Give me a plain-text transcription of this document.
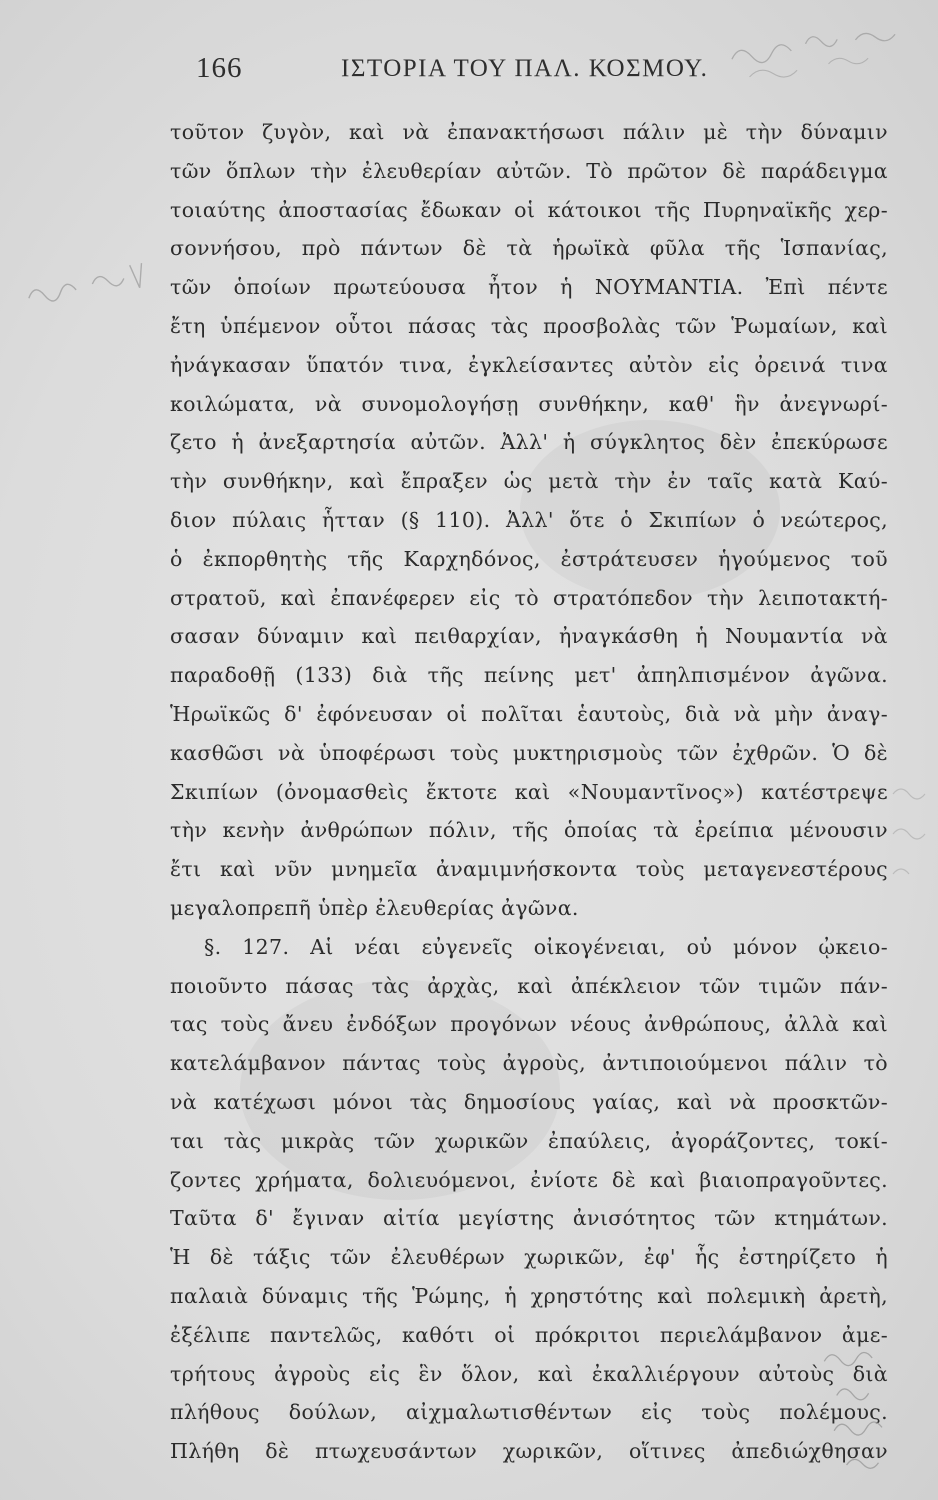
166	ΙΣΤΟΡΙΑ ΤΟΥ ΠΑΛ. ΚΟΣΜΟΥ.
τοῦτον ζυγὸν, καὶ νὰ ἐπανακτήσωσι πάλιν μὲ τὴν δύναμιν
τῶν ὅπλων τὴν ἐλευθερίαν αὐτῶν. Τὸ πρῶτον δὲ παράδειγμα
τοιαύτης ἀποστασίας ἔδωκαν οἱ κάτοικοι τῆς Πυρηναϊκῆς χερ-
σοννήσου, πρὸ πάντων δὲ τὰ ἡρωϊκὰ φῦλα τῆς Ἱσπανίας,
τῶν ὁποίων πρωτεύουσα ἦτον ἡ ΝΟΥΜΑΝΤΙΑ. Ἐπὶ πέντε
ἔτη ὑπέμενον οὗτοι πάσας τὰς προσβολὰς τῶν Ῥωμαίων, καὶ
ἠνάγκασαν ὕπατόν τινα, ἐγκλείσαντες αὐτὸν εἰς ὀρεινά τινα
κοιλώματα, νὰ συνομολογήσῃ συνθήκην, καθ' ἣν ἀνεγνωρί-
ζετο ἡ ἀνεξαρτησία αὐτῶν. Ἀλλ' ἡ σύγκλητος δὲν ἐπεκύρωσε
τὴν συνθήκην, καὶ ἔπραξεν ὡς μετὰ τὴν ἐν ταῖς κατὰ Καύ-
διον πύλαις ἧτταν (§ 110). Ἀλλ' ὅτε ὁ Σκιπίων ὁ νεώτερος,
ὁ ἐκπορθητὴς τῆς Καρχηδόνος, ἐστράτευσεν ἡγούμενος τοῦ
στρατοῦ, καὶ ἐπανέφερεν εἰς τὸ στρατόπεδον τὴν λειποτακτή-
σασαν δύναμιν καὶ πειθαρχίαν, ἠναγκάσθη ἡ Νουμαντία νὰ
παραδοθῇ (133) διὰ τῆς πείνης μετ' ἀπηλπισμένον ἀγῶνα.
Ἡρωϊκῶς δ' ἐφόνευσαν οἱ πολῖται ἑαυτοὺς, διὰ νὰ μὴν ἀναγ-
κασθῶσι νὰ ὑποφέρωσι τοὺς μυκτηρισμοὺς τῶν ἐχθρῶν. Ὁ δὲ
Σκιπίων (ὀνομασθεὶς ἔκτοτε καὶ «Νουμαντῖνος») κατέστρεψε
τὴν κενὴν ἀνθρώπων πόλιν, τῆς ὁποίας τὰ ἐρείπια μένουσιν
ἔτι καὶ νῦν μνημεῖα ἀναμιμνήσκοντα τοὺς μεταγενεστέρους
μεγαλοπρεπῆ ὑπὲρ ἐλευθερίας ἀγῶνα.
§. 127. Αἱ νέαι εὐγενεῖς οἰκογένειαι, οὐ μόνον ᾠκειο-
ποιοῦντο πάσας τὰς ἀρχὰς, καὶ ἀπέκλειον τῶν τιμῶν πάν-
τας τοὺς ἄνευ ἐνδόξων προγόνων νέους ἀνθρώπους, ἀλλὰ καὶ
κατελάμβανον πάντας τοὺς ἀγροὺς, ἀντιποιούμενοι πάλιν τὸ
νὰ κατέχωσι μόνοι τὰς δημοσίους γαίας, καὶ νὰ προσκτῶν-
ται τὰς μικρὰς τῶν χωρικῶν ἐπαύλεις, ἀγοράζοντες, τοκί-
ζοντες χρήματα, δολιευόμενοι, ἐνίοτε δὲ καὶ βιαιοπραγοῦντες.
Ταῦτα δ' ἔγιναν αἰτία μεγίστης ἀνισότητος τῶν κτημάτων.
Ἡ δὲ τάξις τῶν ἐλευθέρων χωρικῶν, ἐφ' ἧς ἐστηρίζετο ἡ
παλαιὰ δύναμις τῆς Ῥώμης, ἡ χρηστότης καὶ πολεμικὴ ἀρετὴ,
ἐξέλιπε παντελῶς, καθότι οἱ πρόκριτοι περιελάμβανον ἀμε-
τρήτους ἀγροὺς εἰς ἓν ὅλον, καὶ ἐκαλλιέργουν αὐτοὺς διὰ
πλήθους δούλων, αἰχμαλωτισθέντων εἰς τοὺς πολέμους.
Πλήθη δὲ πτωχευσάντων χωρικῶν, οἵτινες ἀπεδιώχθησαν
